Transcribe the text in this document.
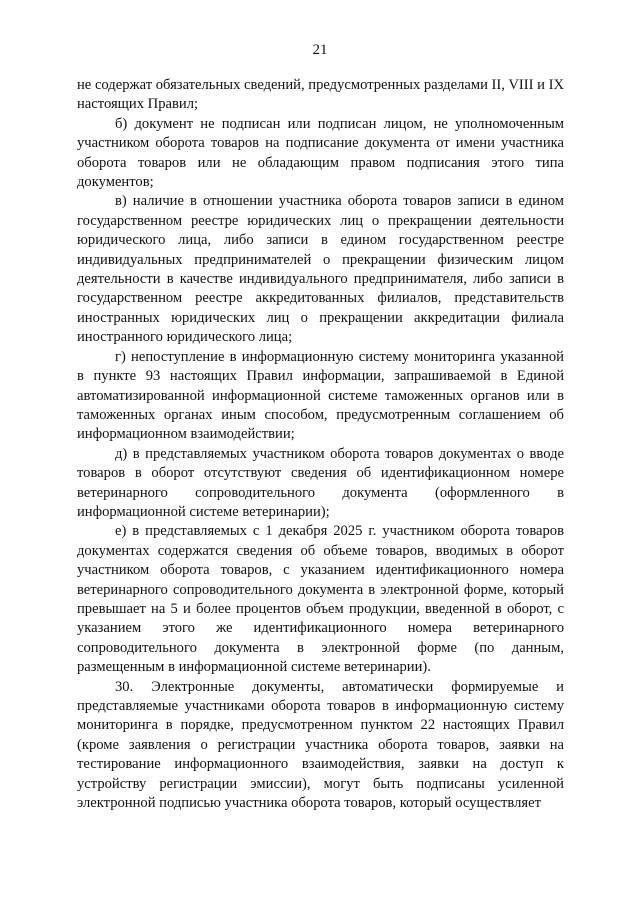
21

не содержат обязательных сведений, предусмотренных разделами II, VIII и IX настоящих Правил;

б) документ не подписан или подписан лицом, не уполномоченным участником оборота товаров на подписание документа от имени участника оборота товаров или не обладающим правом подписания этого типа документов;

в) наличие в отношении участника оборота товаров записи в едином государственном реестре юридических лиц о прекращении деятельности юридического лица, либо записи в едином государственном реестре индивидуальных предпринимателей о прекращении физическим лицом деятельности в качестве индивидуального предпринимателя, либо записи в государственном реестре аккредитованных филиалов, представительств иностранных юридических лиц о прекращении аккредитации филиала иностранного юридического лица;

г) непоступление в информационную систему мониторинга указанной в пункте 93 настоящих Правил информации, запрашиваемой в Единой автоматизированной информационной системе таможенных органов или в таможенных органах иным способом, предусмотренным соглашением об информационном взаимодействии;

д) в представляемых участником оборота товаров документах о вводе товаров в оборот отсутствуют сведения об идентификационном номере ветеринарного сопроводительного документа (оформленного в информационной системе ветеринарии);

е) в представляемых с 1 декабря 2025 г. участником оборота товаров документах содержатся сведения об объеме товаров, вводимых в оборот участником оборота товаров, с указанием идентификационного номера ветеринарного сопроводительного документа в электронной форме, который превышает на 5 и более процентов объем продукции, введенной в оборот, с указанием этого же идентификационного номера ветеринарного сопроводительного документа в электронной форме (по данным, размещенным в информационной системе ветеринарии).

30. Электронные документы, автоматически формируемые и представляемые участниками оборота товаров в информационную систему мониторинга в порядке, предусмотренном пунктом 22 настоящих Правил (кроме заявления о регистрации участника оборота товаров, заявки на тестирование информационного взаимодействия, заявки на доступ к устройству регистрации эмиссии), могут быть подписаны усиленной электронной подписью участника оборота товаров, который осуществляет
